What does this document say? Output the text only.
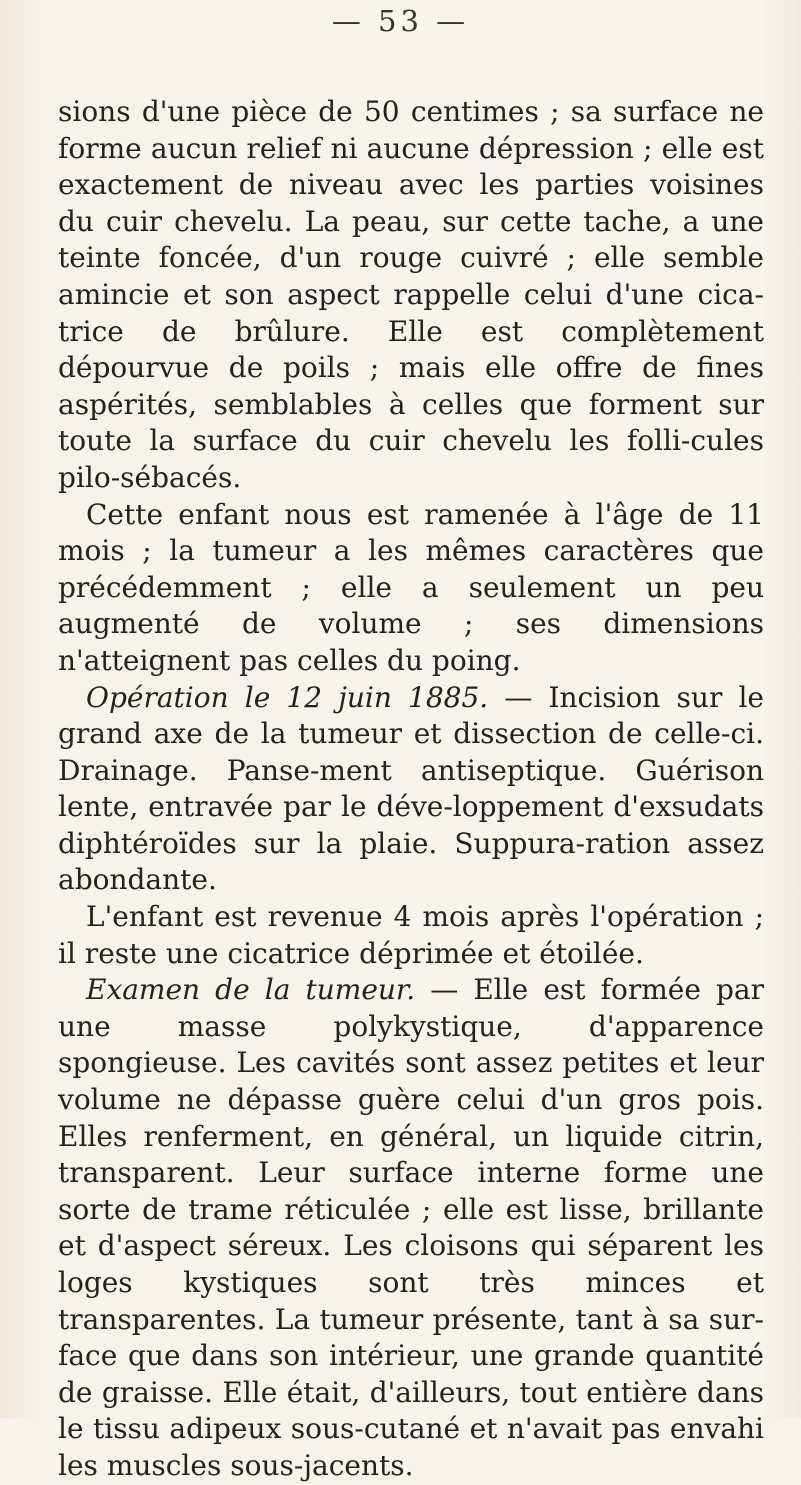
— 53 —

sions d'une pièce de 50 centimes ; sa surface ne forme aucun relief ni aucune dépression ; elle est exactement de niveau avec les parties voisines du cuir chevelu. La peau, sur cette tache, a une teinte foncée, d'un rouge cuivré ; elle semble amincie et son aspect rappelle celui d'une cica-trice de brûlure. Elle est complètement dépourvue de poils ; mais elle offre de fines aspérités, semblables à celles que forment sur toute la surface du cuir chevelu les folli-cules pilo-sébacés.

Cette enfant nous est ramenée à l'âge de 11 mois ; la tumeur a les mêmes caractères que précédemment ; elle a seulement un peu augmenté de volume ; ses dimensions n'atteignent pas celles du poing.

Opération le 12 juin 1885. — Incision sur le grand axe de la tumeur et dissection de celle-ci. Drainage. Panse-ment antiseptique. Guérison lente, entravée par le déve-loppement d'exsudats diphtéroïdes sur la plaie. Suppura-ration assez abondante.

L'enfant est revenue 4 mois après l'opération ; il reste une cicatrice déprimée et étoilée.

Examen de la tumeur. — Elle est formée par une masse polykystique, d'apparence spongieuse. Les cavités sont assez petites et leur volume ne dépasse guère celui d'un gros pois. Elles renferment, en général, un liquide citrin, transparent. Leur surface interne forme une sorte de trame réticulée ; elle est lisse, brillante et d'aspect séreux. Les cloisons qui séparent les loges kystiques sont très minces et transparentes. La tumeur présente, tant à sa sur-face que dans son intérieur, une grande quantité de graisse. Elle était, d'ailleurs, tout entière dans le tissu adipeux sous-cutané et n'avait pas envahi les muscles sous-jacents.
